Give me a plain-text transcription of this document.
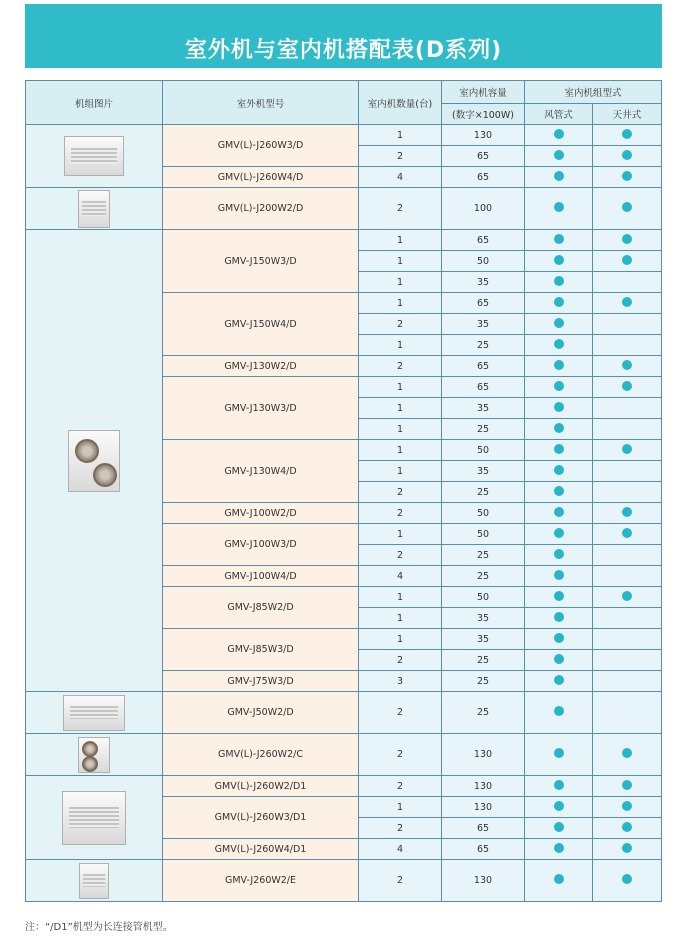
室外机与室内机搭配表(D系列)
机组图片	室外机型号	室内机数量(台)	室内机容量	室内机组型式	
			(数字×100W)	风管式	天井式

	GMV(L)-J260W3/D	1	130		
		2	65		
	GMV(L)-J260W4/D	4	65		

	GMV(L)-J200W2/D	2	100		

	GMV-J150W3/D	1	65		
		1	50		
		1	35		
	GMV-J150W4/D	1	65		
		2	35		
		1	25		
	GMV-J130W2/D	2	65		
	GMV-J130W3/D	1	65		
		1	35		
		1	25		
	GMV-J130W4/D	1	50		
		1	35		
		2	25		
	GMV-J100W2/D	2	50		
	GMV-J100W3/D	1	50		
		2	25		
	GMV-J100W4/D	4	25		
	GMV-J85W2/D	1	50		
		1	35		
	GMV-J85W3/D	1	35		
		2	25		
	GMV-J75W3/D	3	25		

	GMV-J50W2/D	2	25		

	GMV(L)-J260W2/C	2	130		

	GMV(L)-J260W2/D1	2	130		
	GMV(L)-J260W3/D1	1	130		
		2	65		
	GMV(L)-J260W4/D1	4	65		

	GMV-J260W2/E	2	130		
注：“/D1”机型为长连接管机型。
